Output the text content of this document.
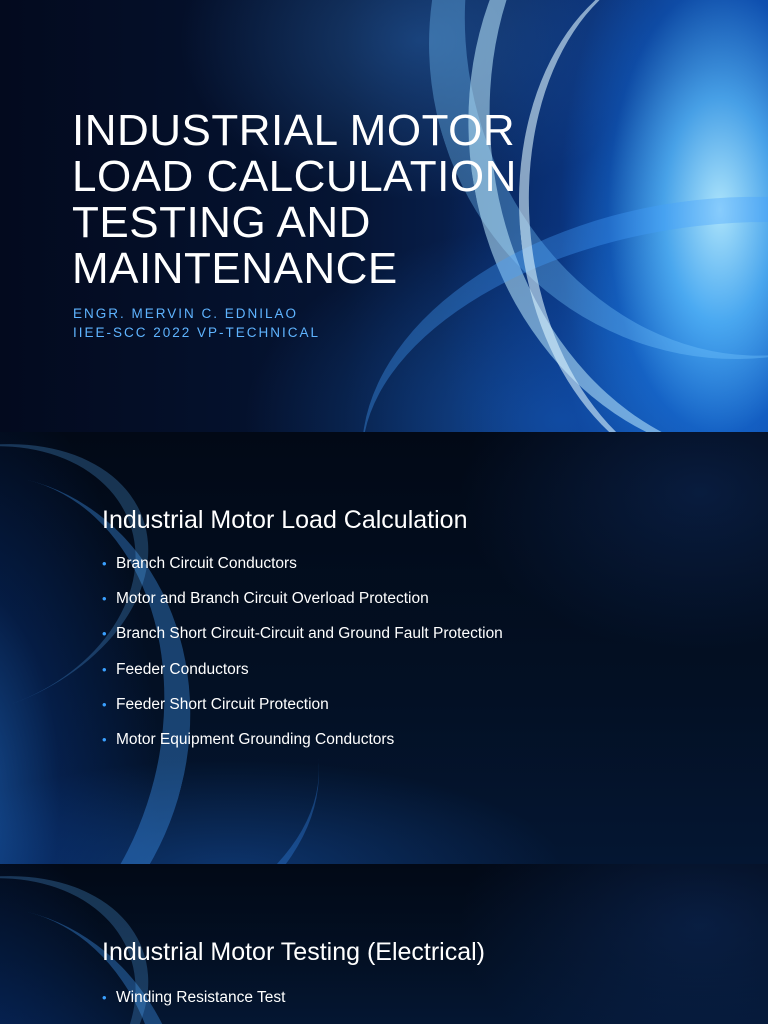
INDUSTRIAL MOTOR
LOAD CALCULATION
TESTING AND
MAINTENANCE
ENGR. MERVIN C. EDNILAO
IIEE-SCC 2022 VP-TECHNICAL
Industrial Motor Load Calculation
• Branch Circuit Conductors
• Motor and Branch Circuit Overload Protection
• Branch Short Circuit-Circuit and Ground Fault Protection
• Feeder Conductors
• Feeder Short Circuit Protection
• Motor Equipment Grounding Conductors
Industrial Motor Testing (Electrical)
• Winding Resistance Test
